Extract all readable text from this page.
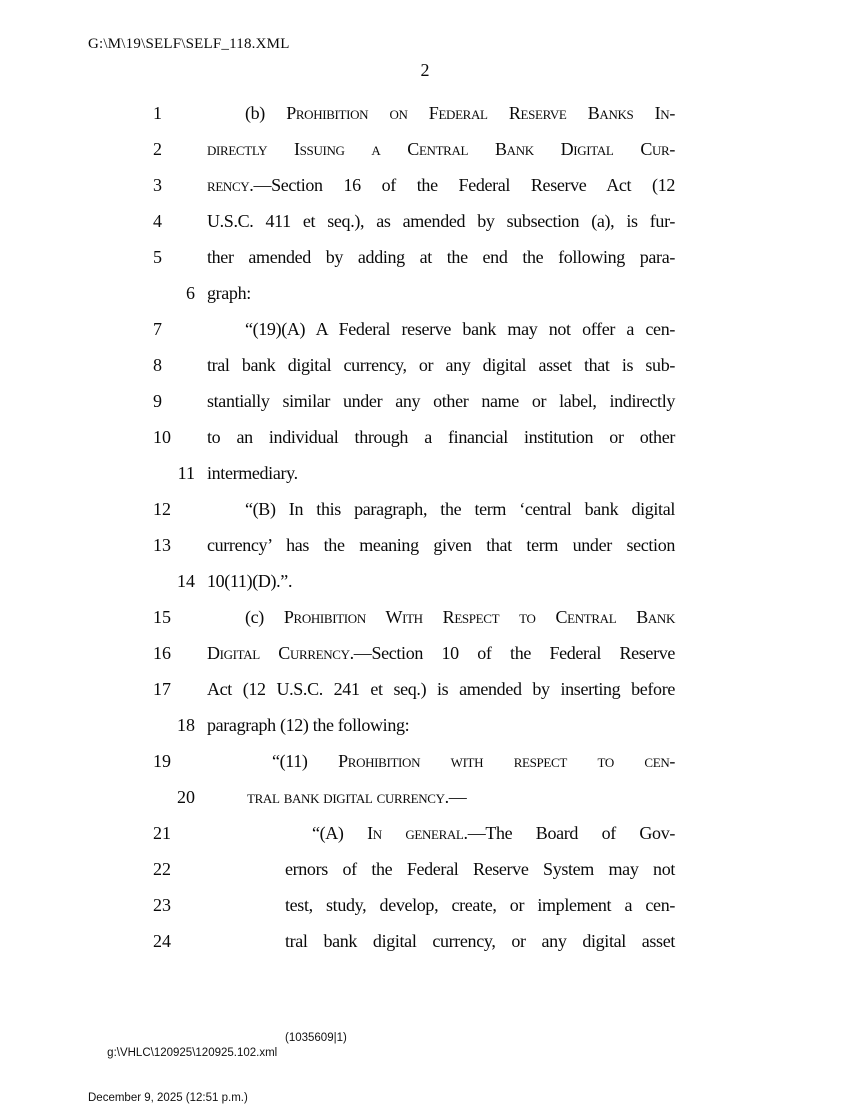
G:\M\19\SELF\SELF_118.XML
2
1	(b) Prohibition on Federal Reserve Banks In-
2	directly Issuing a Central Bank Digital Cur-
3	rency.—Section 16 of the Federal Reserve Act (12
4	U.S.C. 411 et seq.), as amended by subsection (a), is fur-
5	ther amended by adding at the end the following para-
6 graph:
7	“(19)(A) A Federal reserve bank may not offer a cen-
8	tral bank digital currency, or any digital asset that is sub-
9	stantially similar under any other name or label, indirectly
10	to an individual through a financial institution or other
11 intermediary.
12	“(B) In this paragraph, the term ‘central bank digital
13	currency’ has the meaning given that term under section
14 10(11)(D).”.
15	(c) Prohibition With Respect to Central Bank
16	Digital Currency.—Section 10 of the Federal Reserve
17	Act (12 U.S.C. 241 et seq.) is amended by inserting before
18 paragraph (12) the following:
19	“(11) Prohibition with respect to cen-
20	tral bank digital currency.—
21	“(A) In general.—The Board of Gov-
22	ernors of the Federal Reserve System may not
23	test, study, develop, create, or implement a cen-
24	tral bank digital currency, or any digital asset

g:\VHLC\120925\120925.102.xml

(1035609|1)

December 9, 2025 (12:51 p.m.)
